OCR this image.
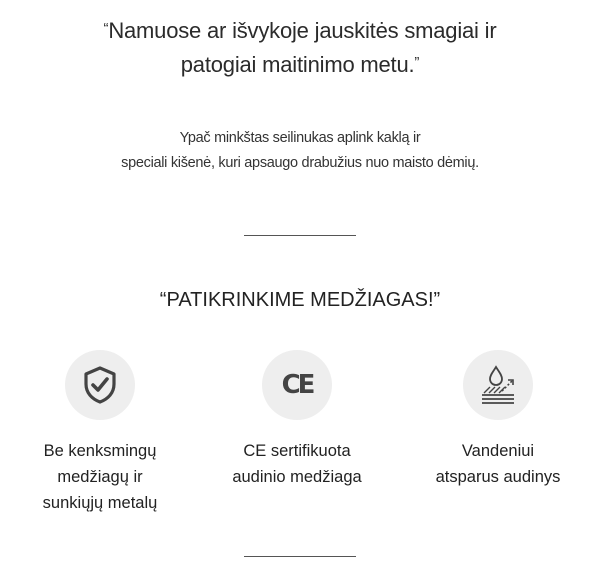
“Namuose ar išvykoje jauskitės smagiai ir
patogiai maitinimo metu.”
Ypač minkštas seilinukas aplink kaklą ir
speciali kišenė, kuri apsaugo drabužius nuo maisto dėmių.
“PATIKRINKIME MEDŽIAGAS!”
Be kenksmingų
medžiagų ir
sunkiųjų metalų
CE
CE sertifikuota
audinio medžiaga
Vandeniui
atsparus audinys
